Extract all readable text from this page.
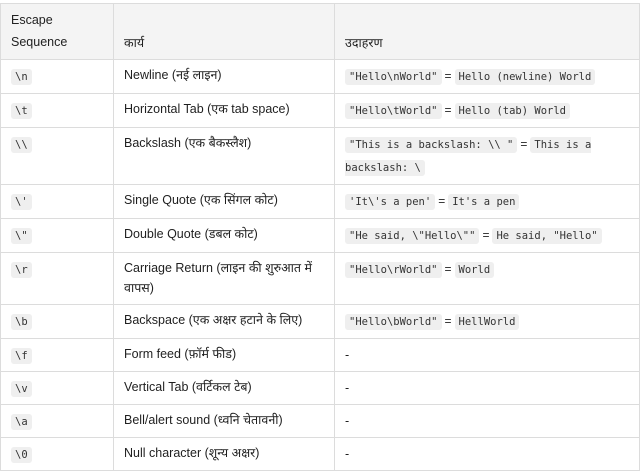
Escape
Sequence	कार्य	उदाहरण
\n	Newline (नई लाइन)	"Hello\nWorld" = Hello (newline) World
\t	Horizontal Tab (एक tab space)	"Hello\tWorld" = Hello (tab) World
\\	Backslash (एक बैकस्लैश)	"This is a backslash: \\ " = This is a backslash: \
\'	Single Quote (एक सिंगल कोट)	'It\'s a pen' = It's a pen
\"	Double Quote (डबल कोट)	"He said, \"Hello\"" = He said, "Hello"
\r	Carriage Return (लाइन की शुरुआत में वापस)	"Hello\rWorld" = World
\b	Backspace (एक अक्षर हटाने के लिए)	"Hello\bWorld" = HellWorld
\f	Form feed (फ़ॉर्म फीड)	-
\v	Vertical Tab (वर्टिकल टेब)	-
\a	Bell/alert sound (ध्वनि चेतावनी)	-
\0	Null character (शून्य अक्षर)	-
